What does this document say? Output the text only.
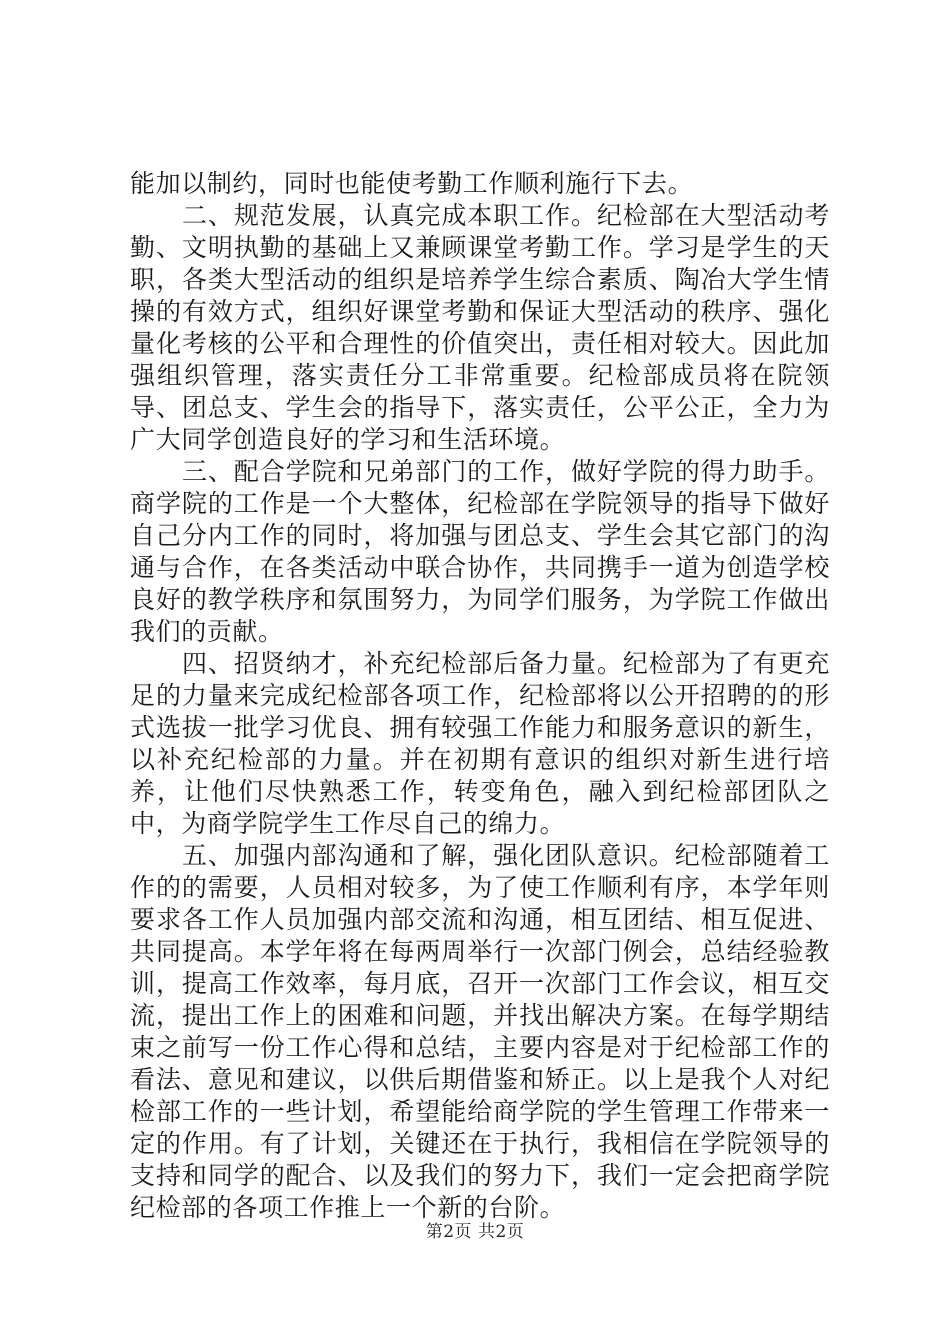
能加以制约，同时也能使考勤工作顺利施行下去。

二、规范发展，认真完成本职工作。纪检部在大型活动考勤、文明执勤的基础上又兼顾课堂考勤工作。学习是学生的天职，各类大型活动的组织是培养学生综合素质、陶冶大学生情操的有效方式，组织好课堂考勤和保证大型活动的秩序、强化量化考核的公平和合理性的价值突出，责任相对较大。因此加强组织管理，落实责任分工非常重要。纪检部成员将在院领导、团总支、学生会的指导下，落实责任，公平公正，全力为广大同学创造良好的学习和生活环境。

三、配合学院和兄弟部门的工作，做好学院的得力助手。商学院的工作是一个大整体，纪检部在学院领导的指导下做好自己分内工作的同时，将加强与团总支、学生会其它部门的沟通与合作，在各类活动中联合协作，共同携手一道为创造学校良好的教学秩序和氛围努力，为同学们服务，为学院工作做出我们的贡献。

四、招贤纳才，补充纪检部后备力量。纪检部为了有更充足的力量来完成纪检部各项工作，纪检部将以公开招聘的的形式选拔一批学习优良、拥有较强工作能力和服务意识的新生，以补充纪检部的力量。并在初期有意识的组织对新生进行培养，让他们尽快熟悉工作，转变角色，融入到纪检部团队之中，为商学院学生工作尽自己的绵力。

五、加强内部沟通和了解，强化团队意识。纪检部随着工作的的需要，人员相对较多，为了使工作顺利有序，本学年则要求各工作人员加强内部交流和沟通，相互团结、相互促进、共同提高。本学年将在每两周举行一次部门例会，总结经验教训，提高工作效率，每月底，召开一次部门工作会议，相互交流，提出工作上的困难和问题，并找出解决方案。在每学期结束之前写一份工作心得和总结，主要内容是对于纪检部工作的看法、意见和建议，以供后期借鉴和矫正。以上是我个人对纪检部工作的一些计划，希望能给商学院的学生管理工作带来一定的作用。有了计划，关键还在于执行，我相信在学院领导的支持和同学的配合、以及我们的努力下，我们一定会把商学院纪检部的各项工作推上一个新的台阶。

第2页 共2页
